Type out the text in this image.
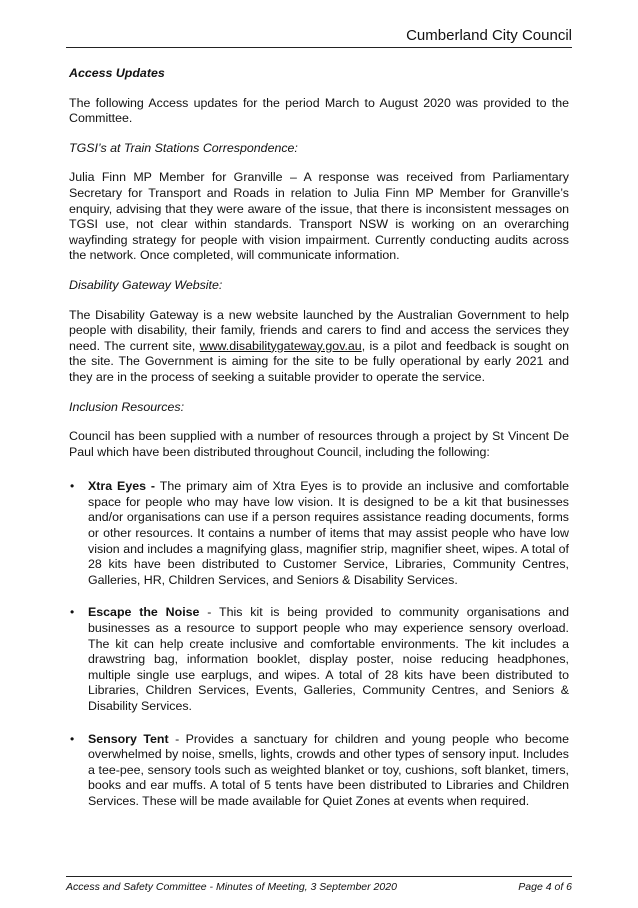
Cumberland City Council

Access Updates

The following Access updates for the period March to August 2020 was provided to the Committee.

TGSI’s at Train Stations Correspondence:

Julia Finn MP Member for Granville – A response was received from Parliamentary Secretary for Transport and Roads in relation to Julia Finn MP Member for Granville’s enquiry, advising that they were aware of the issue, that there is inconsistent messages on TGSI use, not clear within standards. Transport NSW is working on an overarching wayfinding strategy for people with vision impairment. Currently conducting audits across the network. Once completed, will communicate information.

Disability Gateway Website:

The Disability Gateway is a new website launched by the Australian Government to help people with disability, their family, friends and carers to find and access the services they need. The current site, www.disabilitygateway.gov.au, is a pilot and feedback is sought on the site. The Government is aiming for the site to be fully operational by early 2021 and they are in the process of seeking a suitable provider to operate the service.

Inclusion Resources:

Council has been supplied with a number of resources through a project by St Vincent De Paul which have been distributed throughout Council, including the following:

• Xtra Eyes - The primary aim of Xtra Eyes is to provide an inclusive and comfortable space for people who may have low vision. It is designed to be a kit that businesses and/or organisations can use if a person requires assistance reading documents, forms or other resources. It contains a number of items that may assist people who have low vision and includes a magnifying glass, magnifier strip, magnifier sheet, wipes. A total of 28 kits have been distributed to Customer Service, Libraries, Community Centres, Galleries, HR, Children Services, and Seniors & Disability Services.
• Escape the Noise - This kit is being provided to community organisations and businesses as a resource to support people who may experience sensory overload. The kit can help create inclusive and comfortable environments. The kit includes a drawstring bag, information booklet, display poster, noise reducing headphones, multiple single use earplugs, and wipes. A total of 28 kits have been distributed to Libraries, Children Services, Events, Galleries, Community Centres, and Seniors & Disability Services.
• Sensory Tent - Provides a sanctuary for children and young people who become overwhelmed by noise, smells, lights, crowds and other types of sensory input. Includes a tee-pee, sensory tools such as weighted blanket or toy, cushions, soft blanket, timers, books and ear muffs. A total of 5 tents have been distributed to Libraries and Children Services. These will be made available for Quiet Zones at events when required.
Access and Safety Committee - Minutes of Meeting, 3 September 2020	Page 4 of 6
